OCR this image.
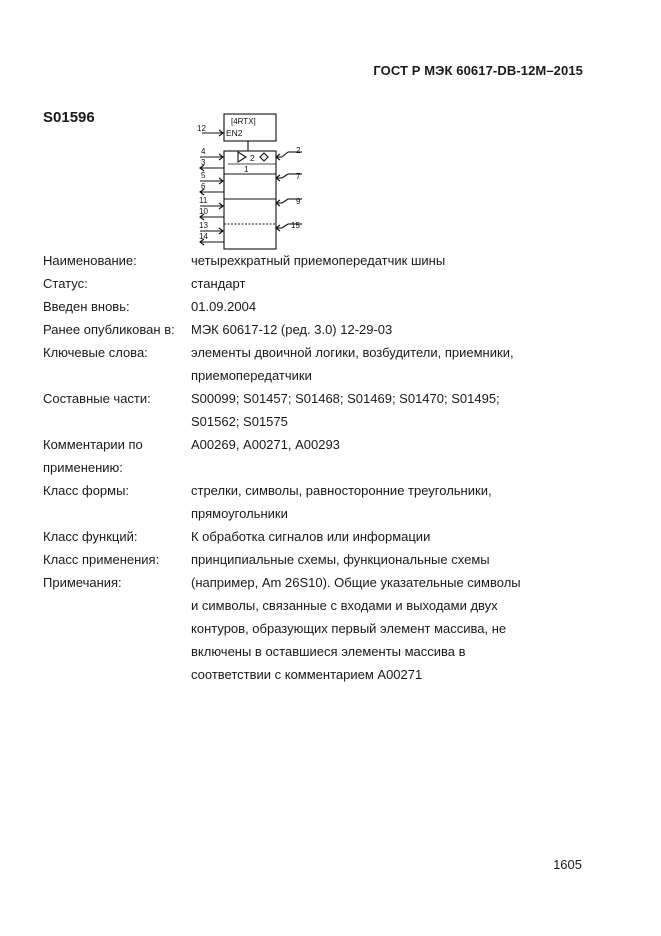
ГОСТ Р МЭК 60617-DB-12M–2015
S01596	[4RTX]
EN2
12
2
1
4
3
5
6
11
10
13
14
2
7
9
15
Наименование:	четырехкратный приемопередатчик шины
Статус:	стандарт
Введен вновь:	01.09.2004
Ранее опубликован в:	МЭК 60617-12 (ред. 3.0) 12-29-03
Ключевые слова:	элементы двоичной логики, возбудители, приемники,
приемопередатчики
Составные части:	S00099; S01457; S01468; S01469; S01470; S01495;
S01562; S01575
Комментарии по
применению:
А00269, А00271, А00293
Класс формы:	стрелки, символы, равносторонние треугольники,
прямоугольники
Класс функций:	К обработка сигналов или информации
Класс применения:	принципиальные схемы, функциональные схемы
Примечания:	(например, Am 26S10). Общие указательные символы
и символы, связанные с входами и выходами двух
контуров, образующих первый элемент массива, не
включены в оставшиеся элементы массива в
соответствии с комментарием А00271
1605
